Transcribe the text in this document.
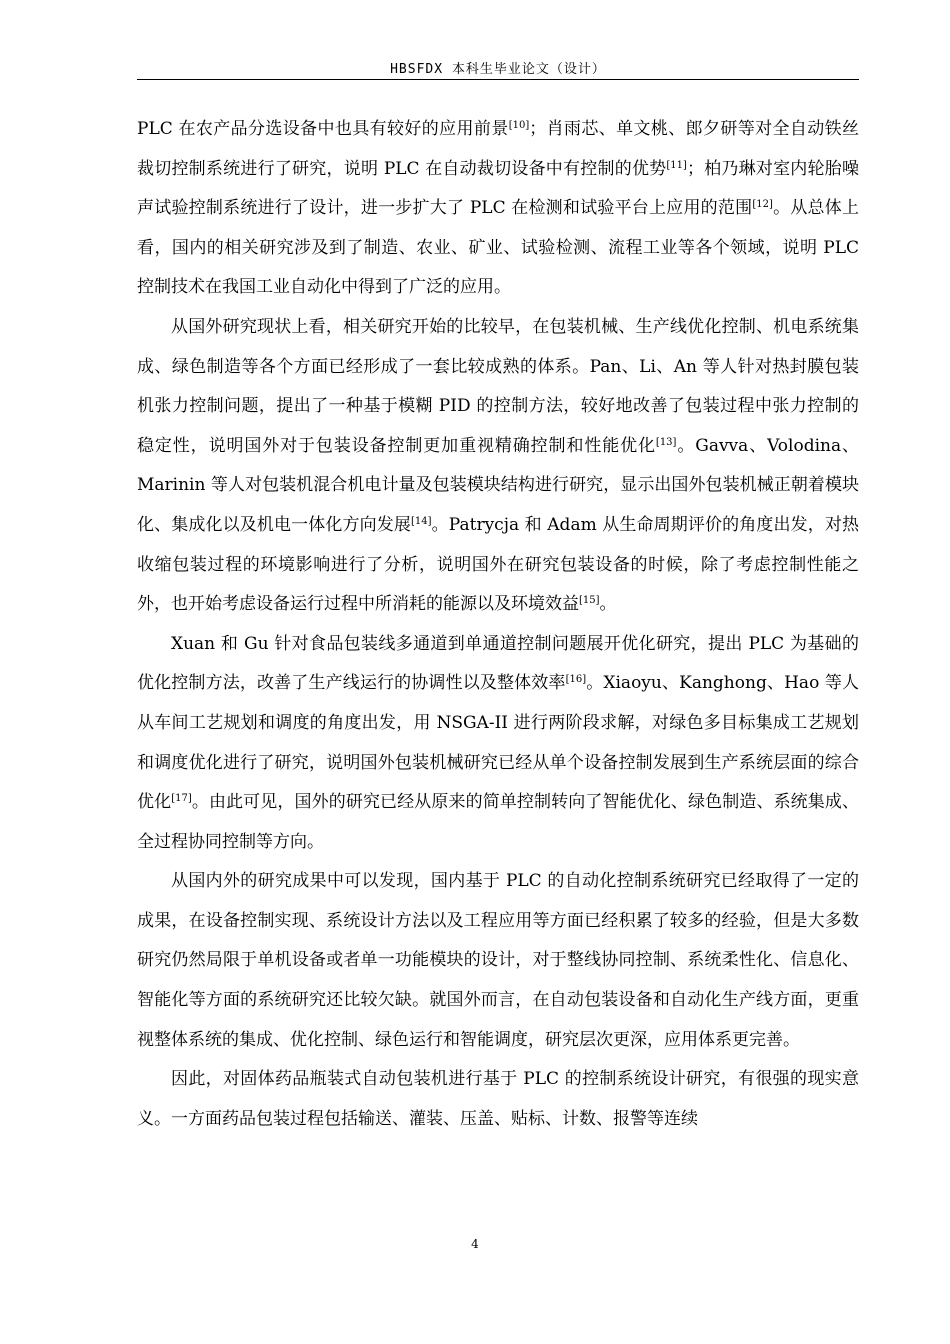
HBSFDX 本科生毕业论文（设计）

PLC 在农产品分选设备中也具有较好的应用前景[10]；肖雨芯、单文桃、郎夕研等对全自动铁丝裁切控制系统进行了研究，说明 PLC 在自动裁切设备中有控制的优势[11]；柏乃琳对室内轮胎噪声试验控制系统进行了设计，进一步扩大了 PLC 在检测和试验平台上应用的范围[12]。从总体上看，国内的相关研究涉及到了制造、农业、矿业、试验检测、流程工业等各个领域，说明 PLC 控制技术在我国工业自动化中得到了广泛的应用。

从国外研究现状上看，相关研究开始的比较早，在包装机械、生产线优化控制、机电系统集成、绿色制造等各个方面已经形成了一套比较成熟的体系。Pan、Li、An 等人针对热封膜包装机张力控制问题，提出了一种基于模糊 PID 的控制方法，较好地改善了包装过程中张力控制的稳定性，说明国外对于包装设备控制更加重视精确控制和性能优化[13]。Gavva、Volodina、Marinin 等人对包装机混合机电计量及包装模块结构进行研究，显示出国外包装机械正朝着模块化、集成化以及机电一体化方向发展[14]。Patrycja 和 Adam 从生命周期评价的角度出发，对热收缩包装过程的环境影响进行了分析，说明国外在研究包装设备的时候，除了考虑控制性能之外，也开始考虑设备运行过程中所消耗的能源以及环境效益[15]。

Xuan 和 Gu 针对食品包装线多通道到单通道控制问题展开优化研究，提出 PLC 为基础的优化控制方法，改善了生产线运行的协调性以及整体效率[16]。Xiaoyu、Kanghong、Hao 等人从车间工艺规划和调度的角度出发，用 NSGA-II 进行两阶段求解，对绿色多目标集成工艺规划和调度优化进行了研究，说明国外包装机械研究已经从单个设备控制发展到生产系统层面的综合优化[17]。由此可见，国外的研究已经从原来的简单控制转向了智能优化、绿色制造、系统集成、全过程协同控制等方向。

从国内外的研究成果中可以发现，国内基于 PLC 的自动化控制系统研究已经取得了一定的成果，在设备控制实现、系统设计方法以及工程应用等方面已经积累了较多的经验，但是大多数研究仍然局限于单机设备或者单一功能模块的设计，对于整线协同控制、系统柔性化、信息化、智能化等方面的系统研究还比较欠缺。就国外而言，在自动包装设备和自动化生产线方面，更重视整体系统的集成、优化控制、绿色运行和智能调度，研究层次更深，应用体系更完善。

因此，对固体药品瓶装式自动包装机进行基于 PLC 的控制系统设计研究，有很强的现实意义。一方面药品包装过程包括输送、灌装、压盖、贴标、计数、报警等连续

4
